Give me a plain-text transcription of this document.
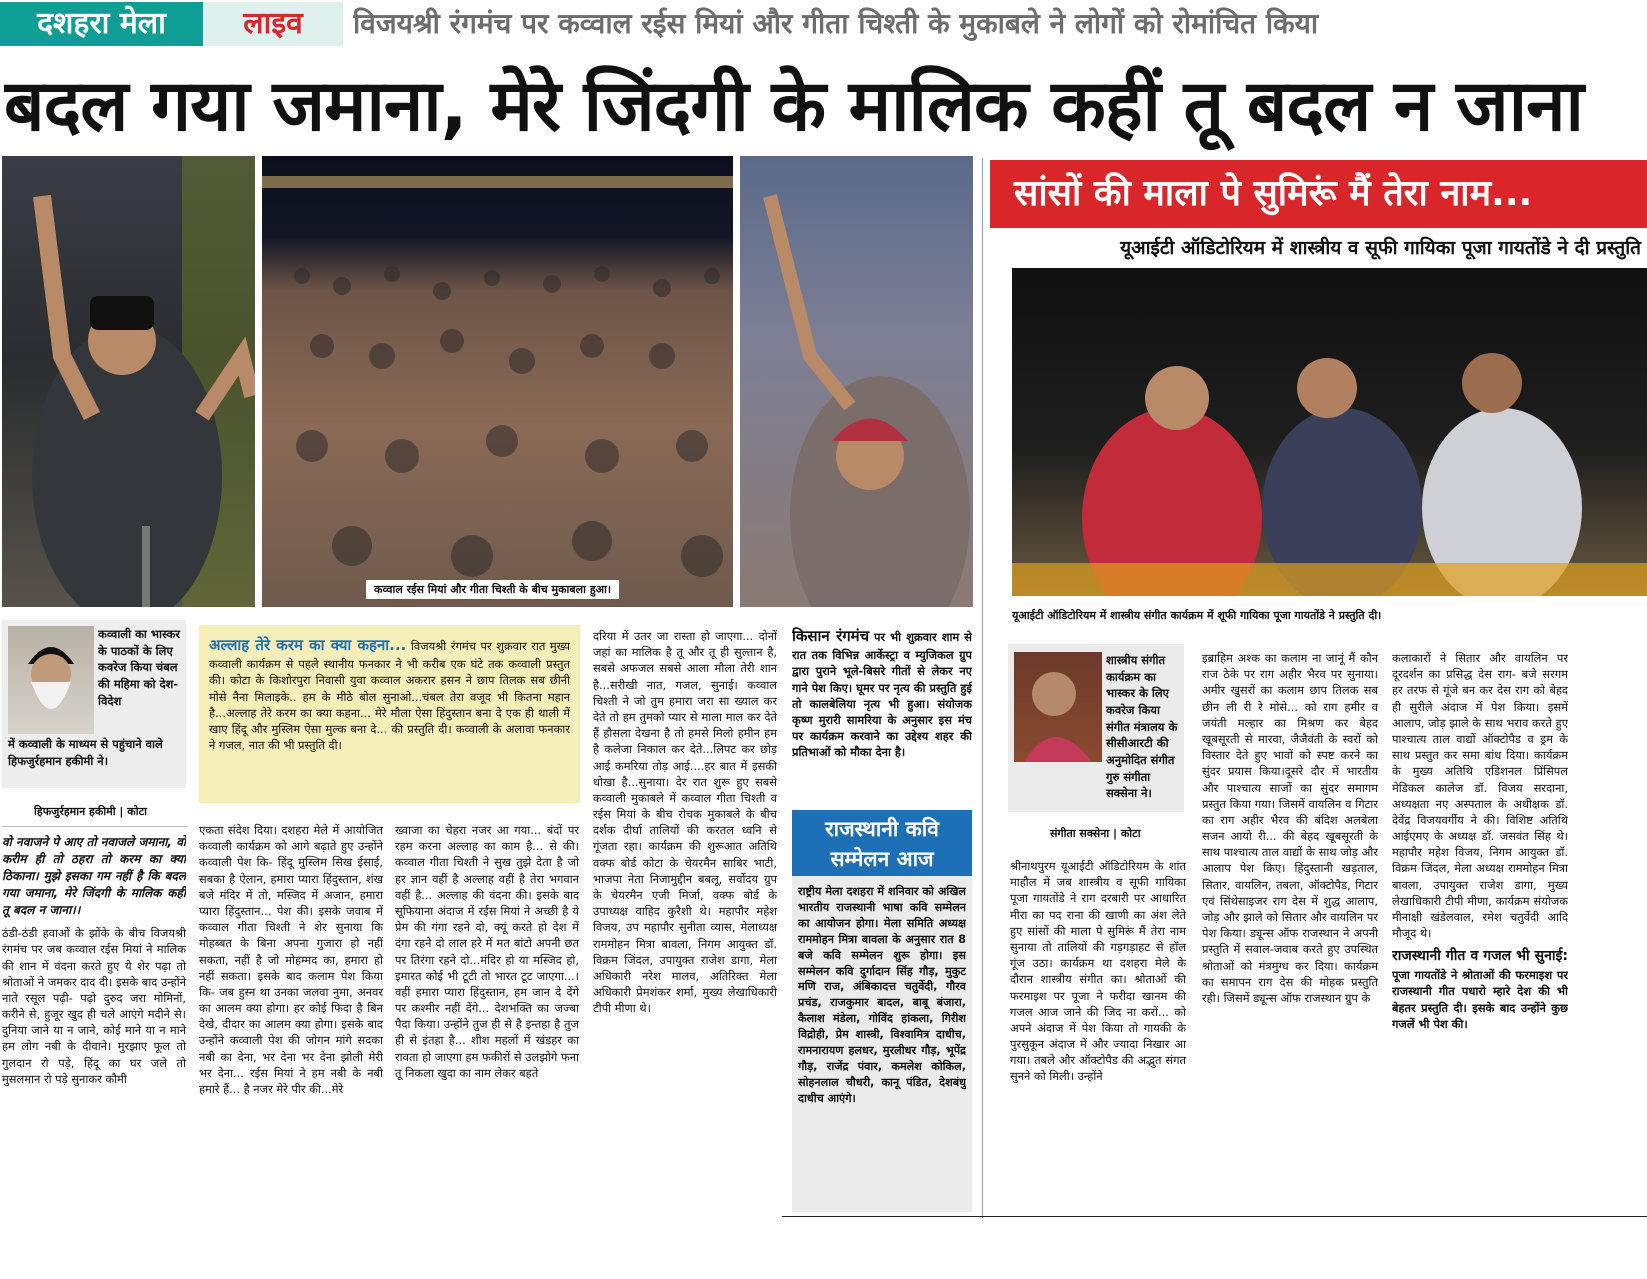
दशहरा मेला	लाइव	विजयश्री रंगमंच पर कव्वाल रईस मियां और गीता चिश्ती के मुकाबले ने लोगों को रोमांचित किया
बदल गया जमाना, मेरे जिंदगी के मालिक कहीं तू बदल न जाना
कव्वाल रईस मियां और गीता चिश्ती के बीच मुकाबला हुआ।
सांसों की माला पे सुमिरूं मैं तेरा नाम...
यूआईटी ऑडिटोरियम में शास्त्रीय व सूफी गायिका पूजा गायतोंडे ने दी प्रस्तुति
यूआईटी ऑडिटोरियम में शास्त्रीय संगीत कार्यक्रम में शूफी गायिका पूजा गायतोंडे ने प्रस्तुति दी।
कव्वाली का भास्कर के पाठकों के लिए कवरेज किया चंबल की महिमा को देश-विदेश
में कव्वाली के माध्यम से पहुंचाने वाले हिफजुर्रहमान हकीमी ने।
हिफजुर्रहमान हकीमी | कोटा

अल्लाह तेरे करम का क्या कहना... विजयश्री रंगमंच पर शुक्रवार रात मुख्य कव्वाली कार्यक्रम से पहले स्थानीय फनकार ने भी करीब एक घंटे तक कव्वाली प्रस्तुत की। कोटा के किशोरपुरा निवासी युवा कव्वाल अकरार हसन ने छाप तिलक सब छीनी मोसे नैना मिलाइके.. हम के मीठे बोल सुनाओ...चंबल तेरा वजूद भी कितना महान है...अल्लाह तेरे करम का क्या कहना... मेरे मौला ऐसा हिंदुस्तान बना दे एक ही थाली में खाए हिंदू और मुस्लिम ऐसा मुल्क बना दे... की प्रस्तुति दी। कव्वाली के अलावा फनकार ने गजल, नात की भी प्रस्तुति दी।

वो नवाजने पे आए तो नवाजले जमाना, वो करीम ही तो ठहरा तो करम का क्या ठिकाना। मुझे इसका गम नहीं है कि बदल गया जमाना, मेरे जिंदगी के मालिक कहीं तू बदल न जाना।।

ठंडी-ठंडी हवाओं के झोंके के बीच विजयश्री रंगमंच पर जब कव्वाल रईस मियां ने मालिक की शान में वंदना करते हुए ये शेर पढ़ा तो श्रोताओं ने जमकर दाद दी। इसके बाद उन्होंने नाते रसूल पढ़ी- पढ़ो दुरुद जरा मोमिनों, करीने से, हुजूर खुद ही चले आएंगे मदीने से। दुनिया जाने या न जाने, कोई माने या न माने हम लोग नबी के दीवाने। मुरझाए फूल तो गुलदान रो पड़े, हिंदू का घर जले तो मुसलमान रो पड़े सुनाकर कौमी

एकता संदेश दिया। दशहरा मेले में आयोजित कव्वाली कार्यक्रम को आगे बढ़ाते हुए उन्होंने कव्वाली पेश कि- हिंदू मुस्लिम सिख ईसाई, सबका है ऐलान, हमारा प्यारा हिंदुस्तान, शंख बजे मंदिर में तो, मस्जिद में अजान, हमारा प्यारा हिंदुस्तान... पेश की। इसके जवाब में कव्वाल गीता चिश्ती ने शेर सुनाया कि मोहब्बत के बिना अपना गुजारा हो नहीं सकता, नहीं है जो मोहम्मद का, हमारा हो नहीं सकता। इसके बाद कलाम पेश किया कि- जब हुस्न था उनका जलवा नुमा, अनवर का आलम क्या होगा। हर कोई फिदा है बिन देखे, दीदार का आलम क्या होगा। इसके बाद उन्होंने कव्वाली पेश की जोगन मांगे सदका नबी का देना, भर देना भर देना झोली मेरी भर देना... रईस मियां ने हम नबी के नबी हमारे हैं... है नजर मेरे पीर की...मेरे

ख्वाजा का चेहरा नजर आ गया... बंदों पर रहम करना अल्लाह का काम है... से की। कव्वाल गीता चिश्ती ने सुख तुझे देता है जो हर ज्ञान वहीं है अल्लाह वहीं है तेरा भगवान वहीं है... अल्लाह की वंदना की। इसके बाद सूफियाना अंदाज में रईस मियां ने अच्छी है ये प्रेम की गंगा रहने दो, क्यूं करते हो देश में दंगा रहने दो लाल हरे में मत बांटो अपनी छत पर तिरंगा रहने दो...मंदिर हो या मस्जिद हो, इमारत कोई भी टूटी तो भारत टूट जाएगा...। वहीं हमारा प्यारा हिंदुस्तान, हम जान दे देंगे पर कश्मीर नहीं देंगे... देशभक्ति का जज्बा पैदा किया। उन्होंने तुज ही से है इन्तहा है तुज ही से इंतहा है... शीश महलों में खंडहर का रावता हो जाएगा हम फकीरों से उलझोगे फना तू निकला खुदा का नाम लेकर बहते

दरिया में उतर जा रास्ता हो जाएगा... दोनों जहां का मालिक है तू और तू ही सुल्तान है, सबसे अफजल सबसे आला मौला तेरी शान है...सरीखी नात, गजल, सुनाई। कव्वाल चिश्ती ने जो तुम हमारा जरा सा ख्याल कर देते तो हम तुमको प्यार से माला माल कर देते हैं हौसला देखना है तो हमसे मिलो हमीन हम है कलेजा निकाल कर देते...लिपट कर छोड़ आई कमरिया तोड़ आई....हर बात में इसकी धोखा है...सुनाया। देर रात शुरू हुए सबसे कव्वाली मुकाबले में कव्वाल गीता चिश्ती व रईस मियां के बीच रोचक मुकाबले के बीच दर्शक दीर्घा तालियों की करतल ध्वनि से गूंजता रहा। कार्यक्रम की शुरूआत अतिथि वक्फ बोर्ड कोटा के चेयरमैन साबिर भाटी, भाजपा नेता निजामुद्दीन बबलू, सर्वोदय ग्रुप के चेयरमैन एजी मिर्जा, वक्फ बोर्ड के उपाध्यक्ष वाहिद कुरैशी थे। महापौर महेश विजय, उप महापौर सुनीता व्यास, मेलाध्यक्ष राममोहन मित्रा बावला, निगम आयुक्त डॉ. विक्रम जिंदल, उपायुक्त राजेश डागा, मेला अधिकारी नरेश मालव, अतिरिक्त मेला अधिकारी प्रेमशंकर शर्मा, मुख्य लेखाधिकारी टीपी मीणा थे।

किसान रंगमंच पर भी शुक्रवार शाम से रात तक विभिन्न आर्केस्ट्रा व म्युजिकल ग्रुप द्वारा पुराने भूले-बिसरे गीतों से लेकर नए गाने पेश किए। घूमर पर नृत्य की प्रस्तुति हुई तो कालबेलिया नृत्य भी हुआ। संयोजक कृष्ण मुरारी सामरिया के अनुसार इस मंच पर कार्यक्रम करवाने का उद्देश्य शहर की प्रतिभाओं को मौका देना है।

राजस्थानी कवि सम्मेलन आज

राष्ट्रीय मेला दशहरा में शनिवार को अखिल भारतीय राजस्थानी भाषा कवि सम्मेलन का आयोजन होगा। मेला समिति अध्यक्ष राममोहन मित्रा बावला के अनुसार रात 8 बजे कवि सम्मेलन शुरू होगा। इस सम्मेलन कवि दुर्गादान सिंह गौड़, मुकुट मणि राज, अंबिकादत्त चतुर्वेदी, गौरव प्रचंड, राजकुमार बादल, बाबू बंजारा, कैलाश मंडेला, गोविंद हांकला, गिरीश विद्रोही, प्रेम शास्त्री, विश्वामित्र दाधीच, रामनारायण हलधर, मुरलीधर गौड़, भूपेंद्र गौड़, राजेंद्र पंवार, कमलेश कोकिल, सोहनलाल चौधरी, कानू पंडित, देशबंधु दाधीच आएंगे।

शास्त्रीय संगीत कार्यक्रम का भास्कर के लिए कवरेज किया संगीत मंत्रालय के सीसीआरटी की अनुमोदित संगीत गुरु संगीता सक्सेना ने।
संगीता सक्सेना | कोटा

श्रीनाथपुरम यूआईटी ऑडिटोरियम के शांत माहौल में जब शास्त्रीय व सूफी गायिका पूजा गायतोंडे ने राग दरबारी पर आधारित मीरा का पद राना की खाणी का अंश लेते हुए सांसों की माला पे सुमिरूं मैं तेरा नाम सुनाया तो तालियों की गड़गड़ाहट से हॉल गूंज उठा। कार्यक्रम था दशहरा मेले के दौरान शास्त्रीय संगीत का। श्रोताओं की फरमाइश पर पूजा ने फरीदा खानम की गजल आज जाने की जिद ना करों... को अपने अंदाज में पेश किया तो गायकी के पुरसुकून अंदाज में और ज्यादा निखार आ गया। तबले और ऑक्टोपैड की अद्भुत संगत सुनने को मिली। उन्होंने

इब्राहिम अश्क का कलाम ना जानूं मैं कौन राज ठेके पर राग अहीर भैरव पर सुनाया। अमीर खुसरों का कलाम छाप तिलक सब छीन ली री रे मोसे... को राग हमीर व जयंती मल्हार का मिश्रण कर बेहद खूबसूरती से मारवा, जैजैवंती के स्वरों को विस्तार देते हुए भावों को स्पष्ट करने का सुंदर प्रयास किया।दूसरे दौर में भारतीय और पाश्चात्य साजों का सुंदर समागम प्रस्तुत किया गया। जिसमें वायलिन व गिटार का राग अहीर भैरव की बंदिश अलबेला सजन आयो री... की बेहद खूबसूरती के साथ पाश्चात्य ताल वाद्यों के साथ जोड़ और आलाप पेश किए। हिंदुस्तानी खड़ताल, सितार, वायलिन, तबला, ऑक्टोपैड, गिटार एवं सिंथेसाइजर राग देस में शुद्ध आलाप, जोड़ और झाले को सितार और वायलिन पर पेश किया। ड्यून्स ऑफ राजस्थान ने अपनी प्रस्तुति में सवाल-जवाब करते हुए उपस्थित श्रोताओं को मंत्रमुग्ध कर दिया। कार्यक्रम का समापन राग देस की मोहक प्रस्तुति रही। जिसमें ड्यून्स ऑफ राजस्थान ग्रुप के

कलाकारों ने सितार और वायलिन पर दूरदर्शन का प्रसिद्ध देस राग- बजे सरगम हर तरफ से गूंजे बन कर देस राग को बेहद ही सुरीले अंदाज में पेश किया। इसमें आलाप, जोड़ झाले के साथ भराव करते हुए पाश्चात्य ताल वाद्यों ऑक्टोपैड व ड्रम के साथ प्रस्तुत कर समा बांध दिया। कार्यक्रम के मुख्य अतिथि एडिशनल प्रिंसिपल मेडिकल कालेज डॉ. विजय सरदाना, अध्यक्षता नए अस्पताल के अधीक्षक डॉ. देवेंद्र विजयवर्गीय ने की। विशिष्ट अतिथि आईएमए के अध्यक्ष डॉ. जसवंत सिंह थे। महापौर महेश विजय, निगम आयुक्त डॉ. विक्रम जिंदल, मेला अध्यक्ष राममोहन मित्रा बावला, उपायुक्त राजेश डागा, मुख्य लेखाधिकारी टीपी मीणा, कार्यक्रम संयोजक मीनाक्षी खंडेलवाल, रमेश चतुर्वेदी आदि मौजूद थे।

राजस्थानी गीत व गजल भी सुनाई: पूजा गायतोंडे ने श्रोताओं की फरमाइश पर राजस्थानी गीत पधारो म्हारे देश की भी बेहतर प्रस्तुति दी। इसके बाद उन्होंने कुछ गजलें भी पेश की।
